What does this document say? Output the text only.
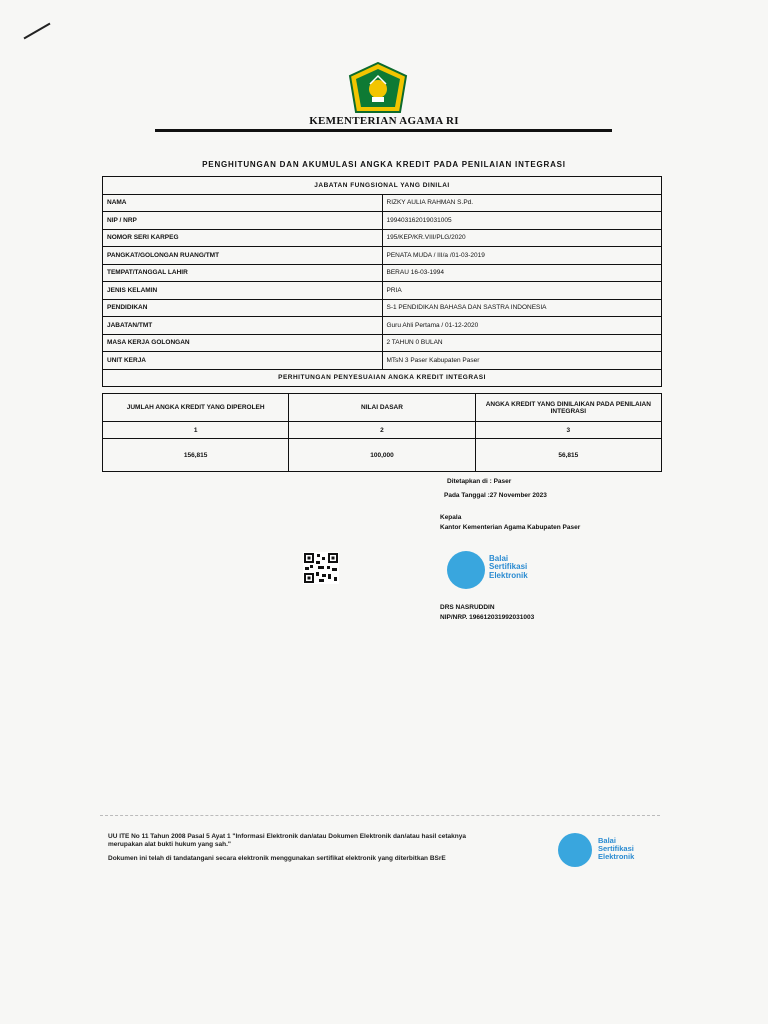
KEMENTERIAN AGAMA RI
PENGHITUNGAN DAN AKUMULASI ANGKA KREDIT PADA PENILAIAN INTEGRASI
JABATAN FUNGSIONAL YANG DINILAI	
NAMA	RIZKY AULIA RAHMAN S.Pd.
NIP / NRP	199403162019031005
NOMOR SERI KARPEG	195/KEP/KR.VIII/PLG/2020
PANGKAT/GOLONGAN RUANG/TMT	PENATA MUDA / III/a /01-03-2019
TEMPAT/TANGGAL LAHIR	BERAU 16-03-1994
JENIS KELAMIN	PRIA
PENDIDIKAN	S-1 PENDIDIKAN BAHASA DAN SASTRA INDONESIA
JABATAN/TMT	Guru Ahli Pertama / 01-12-2020
MASA KERJA GOLONGAN	2 TAHUN 0 BULAN
UNIT KERJA	MTsN 3 Paser Kabupaten Paser
PERHITUNGAN PENYESUAIAN ANGKA KREDIT INTEGRASI	
JUMLAH ANGKA KREDIT YANG DIPEROLEH	NILAI DASAR	ANGKA KREDIT YANG DINILAIKAN PADA PENILAIAN INTEGRASI
1	2	3
156,815	100,000	56,815
Ditetapkan di : Paser
Pada Tanggal :27 November 2023
Kepala
Kantor Kementerian Agama Kabupaten Paser
Balai
Sertifikasi
Elektronik
DRS NASRUDDIN
NIP/NRP. 196612031992031003
UU ITE No 11 Tahun 2008 Pasal 5 Ayat 1 "Informasi Elektronik dan/atau Dokumen Elektronik dan/atau hasil cetaknya
merupakan alat bukti hukum yang sah."
Dokumen ini telah di tandatangani secara elektronik menggunakan sertifikat elektronik yang diterbitkan BSrE
Balai
Sertifikasi
Elektronik
